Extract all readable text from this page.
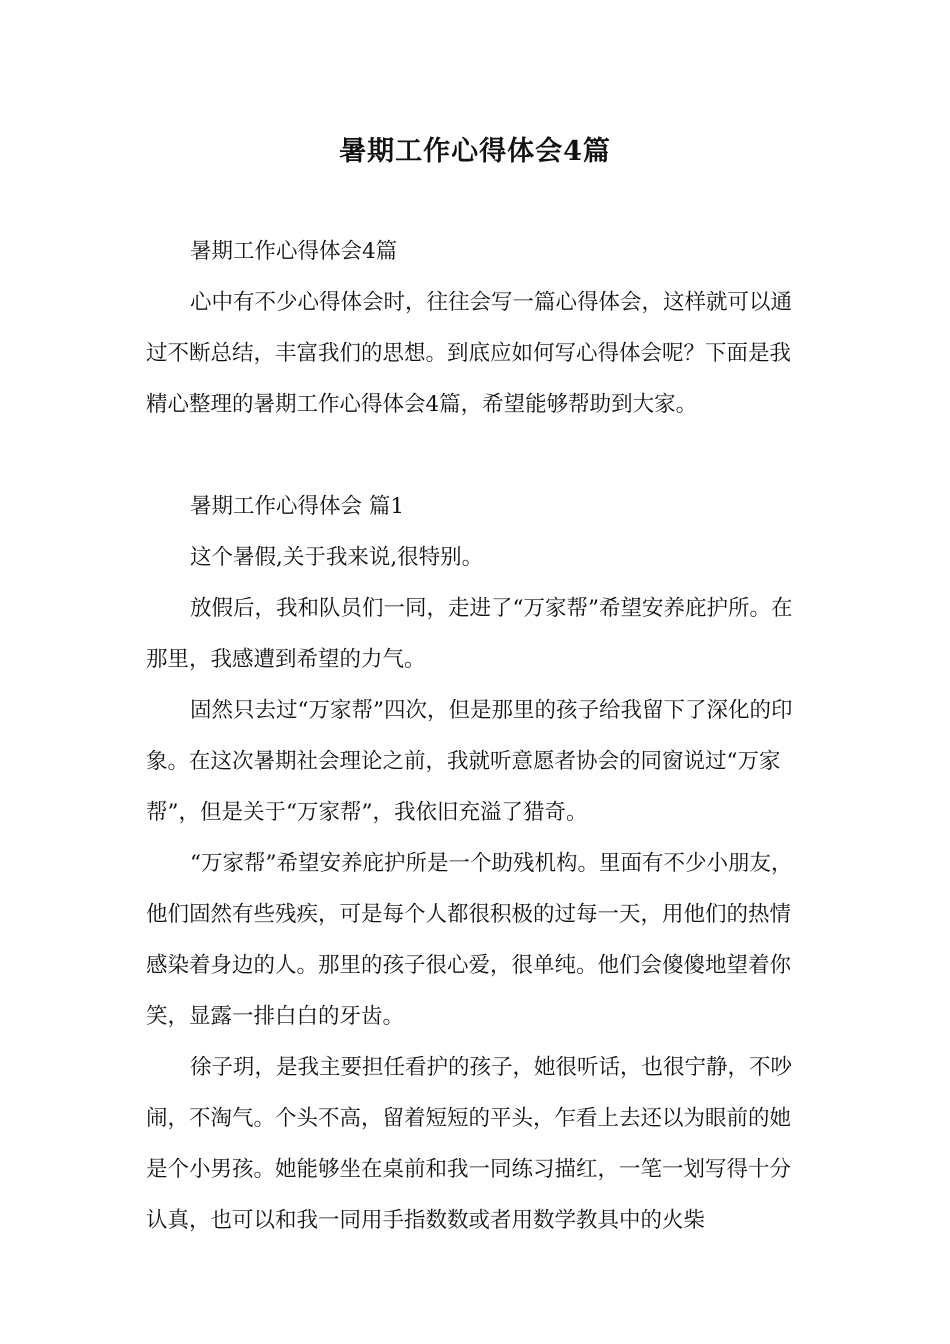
暑期工作心得体会4篇

暑期工作心得体会4篇

心中有不少心得体会时，往往会写一篇心得体会，这样就可以通过不断总结，丰富我们的思想。到底应如何写心得体会呢？下面是我精心整理的暑期工作心得体会4篇，希望能够帮助到大家。

暑期工作心得体会 篇1

这个暑假,关于我来说,很特别。

放假后，我和队员们一同，走进了“万家帮”希望安养庇护所。在那里，我感遭到希望的力气。

固然只去过“万家帮”四次，但是那里的孩子给我留下了深化的印象。在这次暑期社会理论之前，我就听意愿者协会的同窗说过“万家帮”，但是关于“万家帮”，我依旧充溢了猎奇。

“万家帮”希望安养庇护所是一个助残机构。里面有不少小朋友，他们固然有些残疾，可是每个人都很积极的过每一天，用他们的热情感染着身边的人。那里的孩子很心爱，很单纯。他们会傻傻地望着你笑，显露一排白白的牙齿。

徐子玥，是我主要担任看护的孩子，她很听话，也很宁静，不吵闹，不淘气。个头不高，留着短短的平头，乍看上去还以为眼前的她是个小男孩。她能够坐在桌前和我一同练习描红，一笔一划写得十分认真，也可以和我一同用手指数数或者用数学教具中的火柴
